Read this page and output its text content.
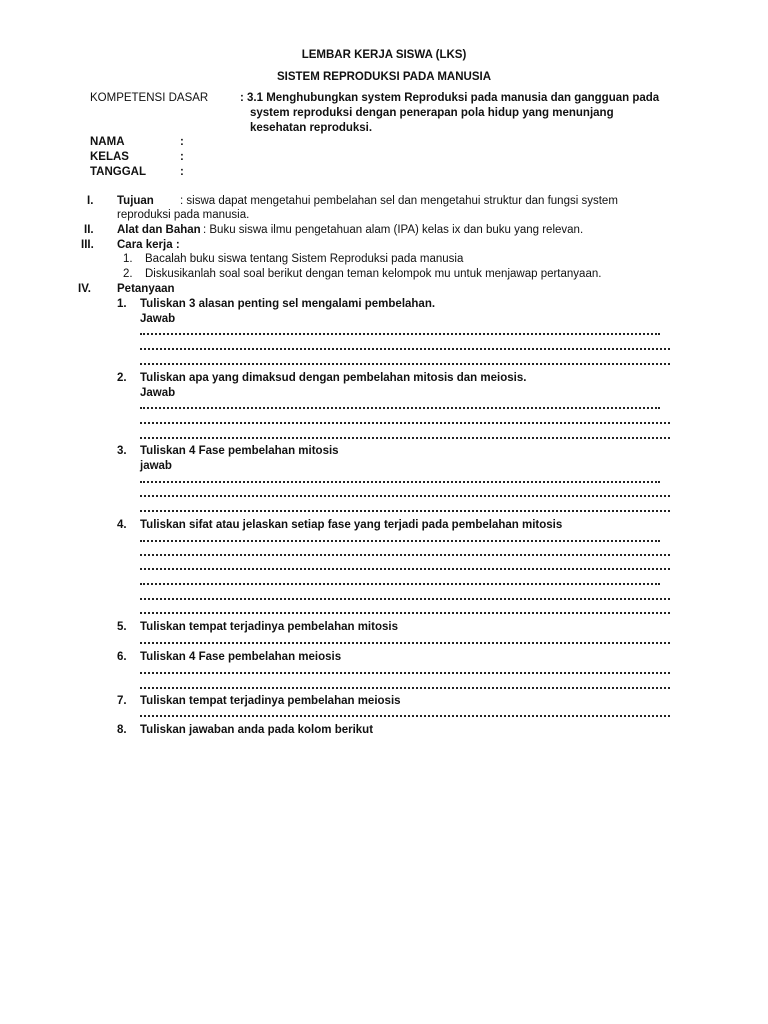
LEMBAR KERJA SISWA (LKS)
SISTEM REPRODUKSI PADA MANUSIA
KOMPETENSI DASAR	: 3.1 Menghubungkan system Reproduksi pada manusia dan gangguan pada
system reproduksi dengan penerapan pola hidup yang menunjang
kesehatan reproduksi.
NAMA	:
KELAS	:
TANGGAL	:
I. Tujuan : siswa dapat mengetahui pembelahan sel dan mengetahui struktur dan fungsi system
reproduksi pada manusia.
II. Alat dan Bahan : Buku siswa ilmu pengetahuan alam (IPA) kelas ix dan buku yang relevan.
III. Cara kerja :
1. Bacalah buku siswa tentang Sistem Reproduksi pada manusia
2. Diskusikanlah soal soal berikut dengan teman kelompok mu untuk menjawap pertanyaan.
IV. Petanyaan
1. Tuliskan 3 alasan penting sel mengalami pembelahan.
Jawab
2. Tuliskan apa yang dimaksud dengan pembelahan mitosis dan meiosis.
Jawab
3. Tuliskan 4 Fase pembelahan mitosis
jawab
4. Tuliskan sifat atau jelaskan setiap fase yang terjadi pada pembelahan mitosis
5. Tuliskan tempat terjadinya pembelahan mitosis
6. Tuliskan 4 Fase pembelahan meiosis
7. Tuliskan tempat terjadinya pembelahan meiosis
8. Tuliskan jawaban anda pada kolom berikut
